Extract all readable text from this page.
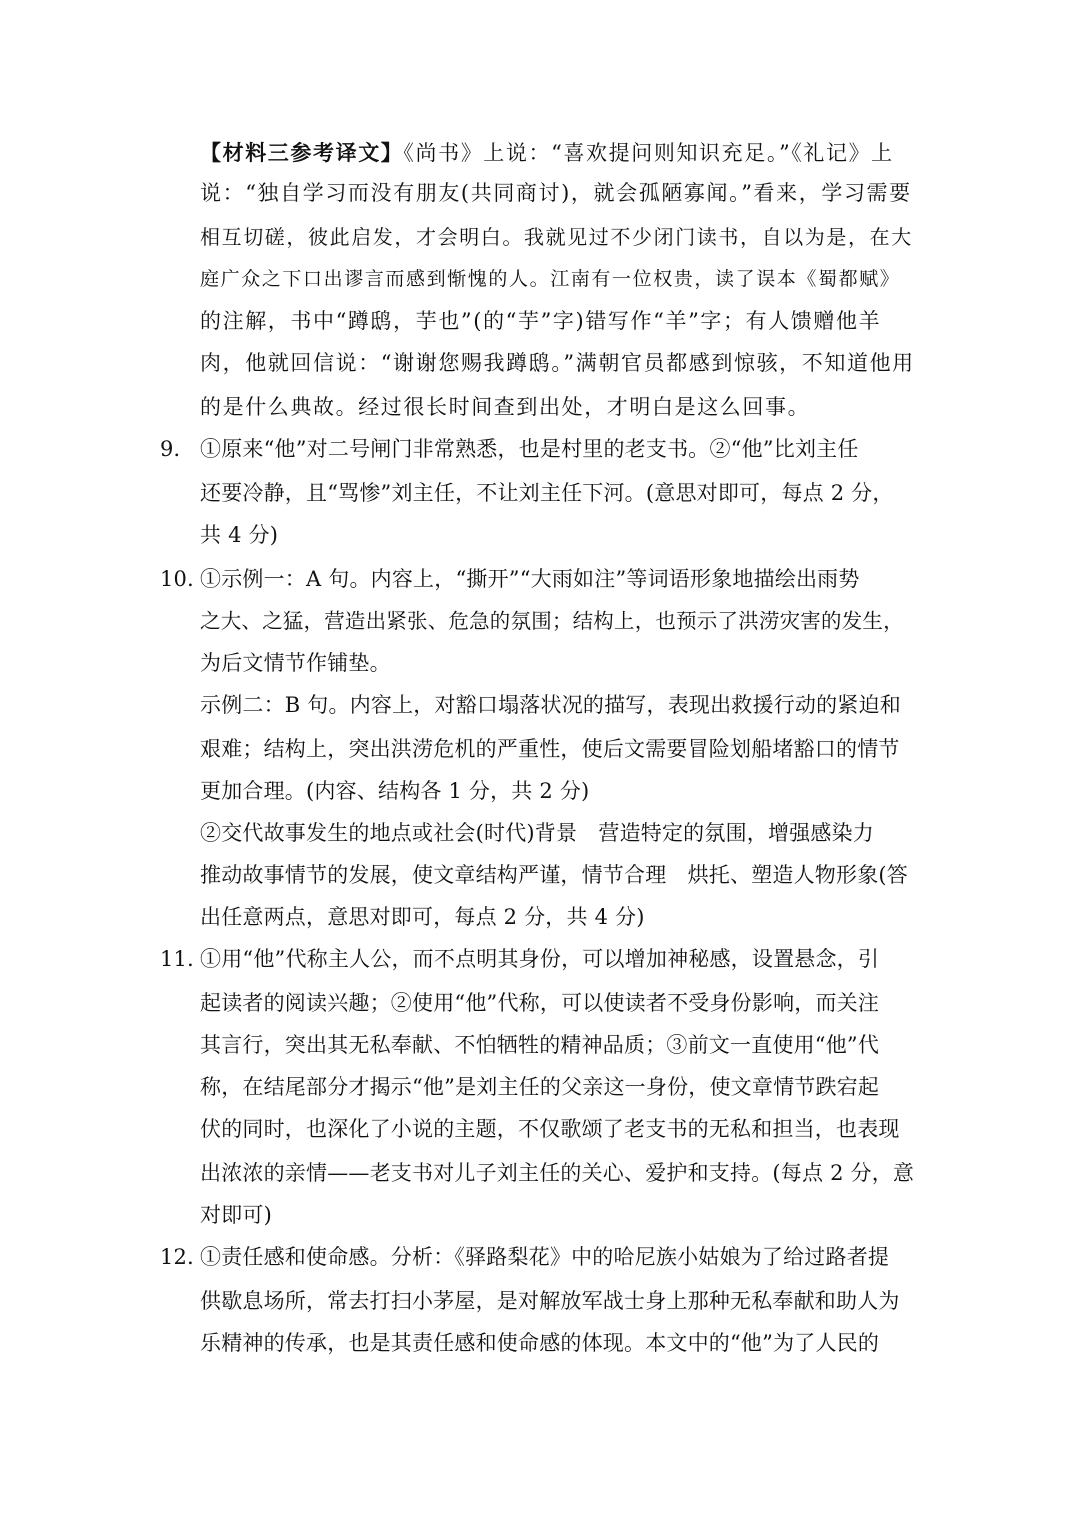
【材料三参考译文】《尚书》上说：“喜欢提问则知识充足。”《礼记》上
说：“独自学习而没有朋友(共同商讨)，就会孤陋寡闻。”看来，学习需要
相互切磋，彼此启发，才会明白。我就见过不少闭门读书，自以为是，在大
庭广众之下口出谬言而感到惭愧的人。江南有一位权贵，读了误本《蜀都赋》
的注解，书中“蹲鸱，芋也”(的“芋”字)错写作“羊”字；有人馈赠他羊
肉，他就回信说：“谢谢您赐我蹲鸱。”满朝官员都感到惊骇，不知道他用
的是什么典故。经过很长时间查到出处，才明白是这么回事。
9． ①原来“他”对二号闸门非常熟悉，也是村里的老支书。②“他”比刘主任
还要冷静，且“骂惨”刘主任，不让刘主任下河。(意思对即可，每点 2 分，
共 4 分)
10．
①示例一：A 句。内容上，“撕开”“大雨如注”等词语形象地描绘出雨势
之大、之猛，营造出紧张、危急的氛围；结构上，也预示了洪涝灾害的发生，
为后文情节作铺垫。
示例二：B 句。内容上，对豁口塌落状况的描写，表现出救援行动的紧迫和
艰难；结构上，突出洪涝危机的严重性，使后文需要冒险划船堵豁口的情节
更加合理。(内容、结构各 1 分，共 2 分)
②交代故事发生的地点或社会(时代)背景　营造特定的氛围，增强感染力
推动故事情节的发展，使文章结构严谨，情节合理　烘托、塑造人物形象(答
出任意两点，意思对即可，每点 2 分，共 4 分)
11．
①用“他”代称主人公，而不点明其身份，可以增加神秘感，设置悬念，引
起读者的阅读兴趣；②使用“他”代称，可以使读者不受身份影响，而关注
其言行，突出其无私奉献、不怕牺牲的精神品质；③前文一直使用“他”代
称，在结尾部分才揭示“他”是刘主任的父亲这一身份，使文章情节跌宕起
伏的同时，也深化了小说的主题，不仅歌颂了老支书的无私和担当，也表现
出浓浓的亲情——老支书对儿子刘主任的关心、爱护和支持。(每点 2 分，意
对即可)
12．
①责任感和使命感。分析：《驿路梨花》中的哈尼族小姑娘为了给过路者提
供歇息场所，常去打扫小茅屋，是对解放军战士身上那种无私奉献和助人为
乐精神的传承，也是其责任感和使命感的体现。本文中的“他”为了人民的
